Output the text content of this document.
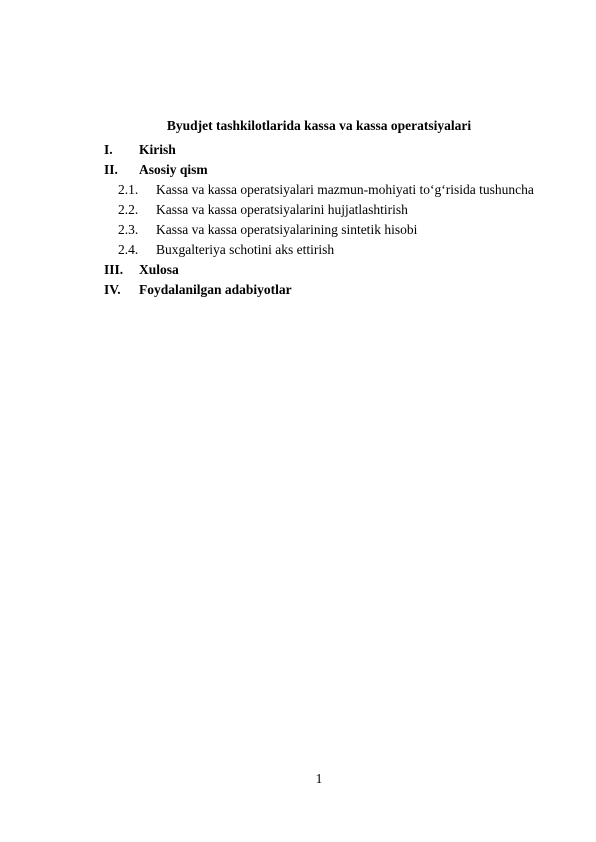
Byudjet tashkilotlarida kassa va kassa operatsiyalari
I. Kirish
II. Asosiy qism
2.1. Kassa va kassa operatsiyalari mazmun-mohiyati to‘g‘risida tushuncha
2.2. Kassa va kassa operatsiyalarini hujjatlashtirish
2.3. Kassa va kassa operatsiyalarining sintetik hisobi
2.4. Buxgalteriya schotini aks ettirish
III. Xulosa
IV. Foydalanilgan adabiyotlar
1
